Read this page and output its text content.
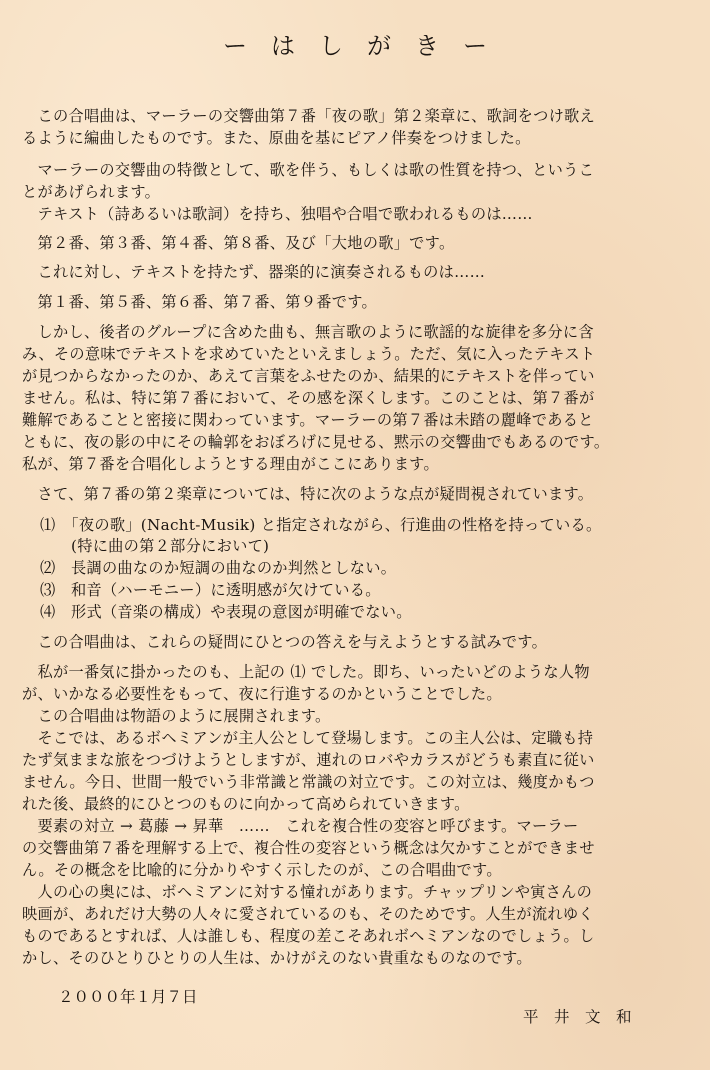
ー　は　し　が　き　ー
　この合唱曲は、マーラーの交響曲第７番「夜の歌」第２楽章に、歌詞をつけ歌え
るように編曲したものです。また、原曲を基にピアノ伴奏をつけました。
　マーラーの交響曲の特徴として、歌を伴う、もしくは歌の性質を持つ、というこ
とがあげられます。
　テキスト（詩あるいは歌詞）を持ち、独唱や合唱で歌われるものは……
　第２番、第３番、第４番、第８番、及び「大地の歌」です。
　これに対し、テキストを持たず、器楽的に演奏されるものは……
　第１番、第５番、第６番、第７番、第９番です。
　しかし、後者のグループに含めた曲も、無言歌のように歌謡的な旋律を多分に含
み、その意味でテキストを求めていたといえましょう。ただ、気に入ったテキスト
が見つからなかったのか、あえて言葉をふせたのか、結果的にテキストを伴ってい
ません。私は、特に第７番において、その感を深くします。このことは、第７番が
難解であることと密接に関わっています。マーラーの第７番は未踏の麗峰であると
ともに、夜の影の中にその輪郭をおぼろげに見せる、黙示の交響曲でもあるのです。
私が、第７番を合唱化しようとする理由がここにあります。
　さて、第７番の第２楽章については、特に次のような点が疑問視されています。
⑴　「夜の歌」(Nacht-Musik) と指定されながら、行進曲の性格を持っている。
　　(特に曲の第２部分において)
⑵　長調の曲なのか短調の曲なのか判然としない。
⑶　和音（ハーモニー）に透明感が欠けている。
⑷　形式（音楽の構成）や表現の意図が明確でない。
　この合唱曲は、これらの疑問にひとつの答えを与えようとする試みです。
　私が一番気に掛かったのも、上記の ⑴ でした。即ち、いったいどのような人物
が、いかなる必要性をもって、夜に行進するのかということでした。
　この合唱曲は物語のように展開されます。
　そこでは、あるボヘミアンが主人公として登場します。この主人公は、定職も持
たず気ままな旅をつづけようとしますが、連れのロバやカラスがどうも素直に従い
ません。今日、世間一般でいう非常識と常識の対立です。この対立は、幾度かもつ
れた後、最終的にひとつのものに向かって高められていきます。
　要素の対立 → 葛藤 → 昇華　……　これを複合性の変容と呼びます。マーラー
の交響曲第７番を理解する上で、複合性の変容という概念は欠かすことができませ
ん。その概念を比喩的に分かりやすく示したのが、この合唱曲です。
　人の心の奥には、ボヘミアンに対する憧れがあります。チャップリンや寅さんの
映画が、あれだけ大勢の人々に愛されているのも、そのためです。人生が流れゆく
ものであるとすれば、人は誰しも、程度の差こそあれボヘミアンなのでしょう。し
かし、そのひとりひとりの人生は、かけがえのない貴重なものなのです。
２０００年１月７日
平　井　文　和
